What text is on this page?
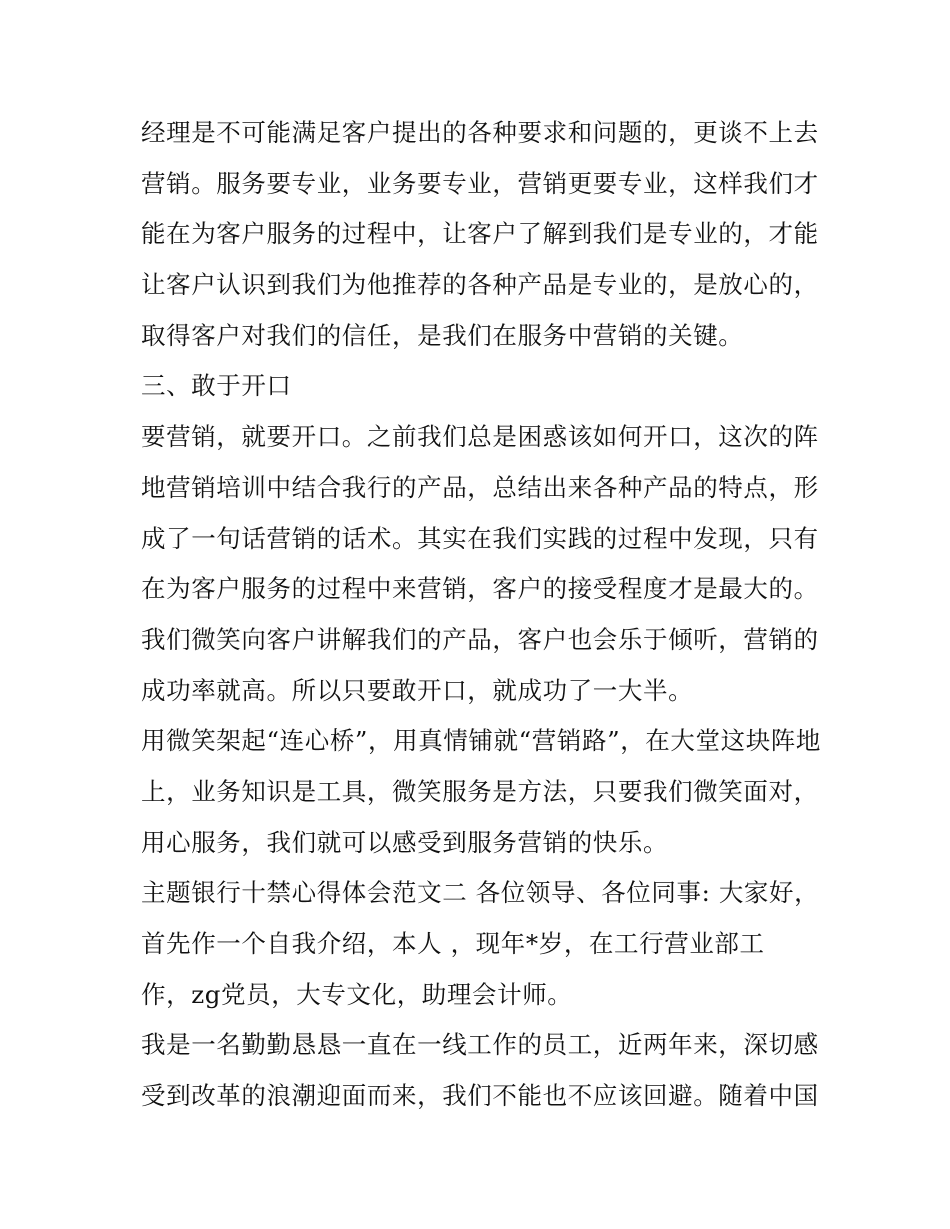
经理是不可能满足客户提出的各种要求和问题的，更谈不上去
营销。服务要专业，业务要专业，营销更要专业，这样我们才
能在为客户服务的过程中，让客户了解到我们是专业的，才能
让客户认识到我们为他推荐的各种产品是专业的，是放心的，
取得客户对我们的信任，是我们在服务中营销的关键。
三、敢于开口
要营销，就要开口。之前我们总是困惑该如何开口，这次的阵
地营销培训中结合我行的产品，总结出来各种产品的特点，形
成了一句话营销的话术。其实在我们实践的过程中发现，只有
在为客户服务的过程中来营销，客户的接受程度才是最大的。
我们微笑向客户讲解我们的产品，客户也会乐于倾听，营销的
成功率就高。所以只要敢开口，就成功了一大半。
用微笑架起“连心桥”，用真情铺就“营销路”，在大堂这块阵地
上，业务知识是工具，微笑服务是方法，只要我们微笑面对，
用心服务，我们就可以感受到服务营销的快乐。
主题银行十禁心得体会范文二 各位领导、各位同事: 大家好，
首先作一个自我介绍，本人 ，现年*岁，在工行营业部工
作，zg党员，大专文化，助理会计师。
我是一名勤勤恳恳一直在一线工作的员工，近两年来，深切感
受到改革的浪潮迎面而来，我们不能也不应该回避。随着中国
